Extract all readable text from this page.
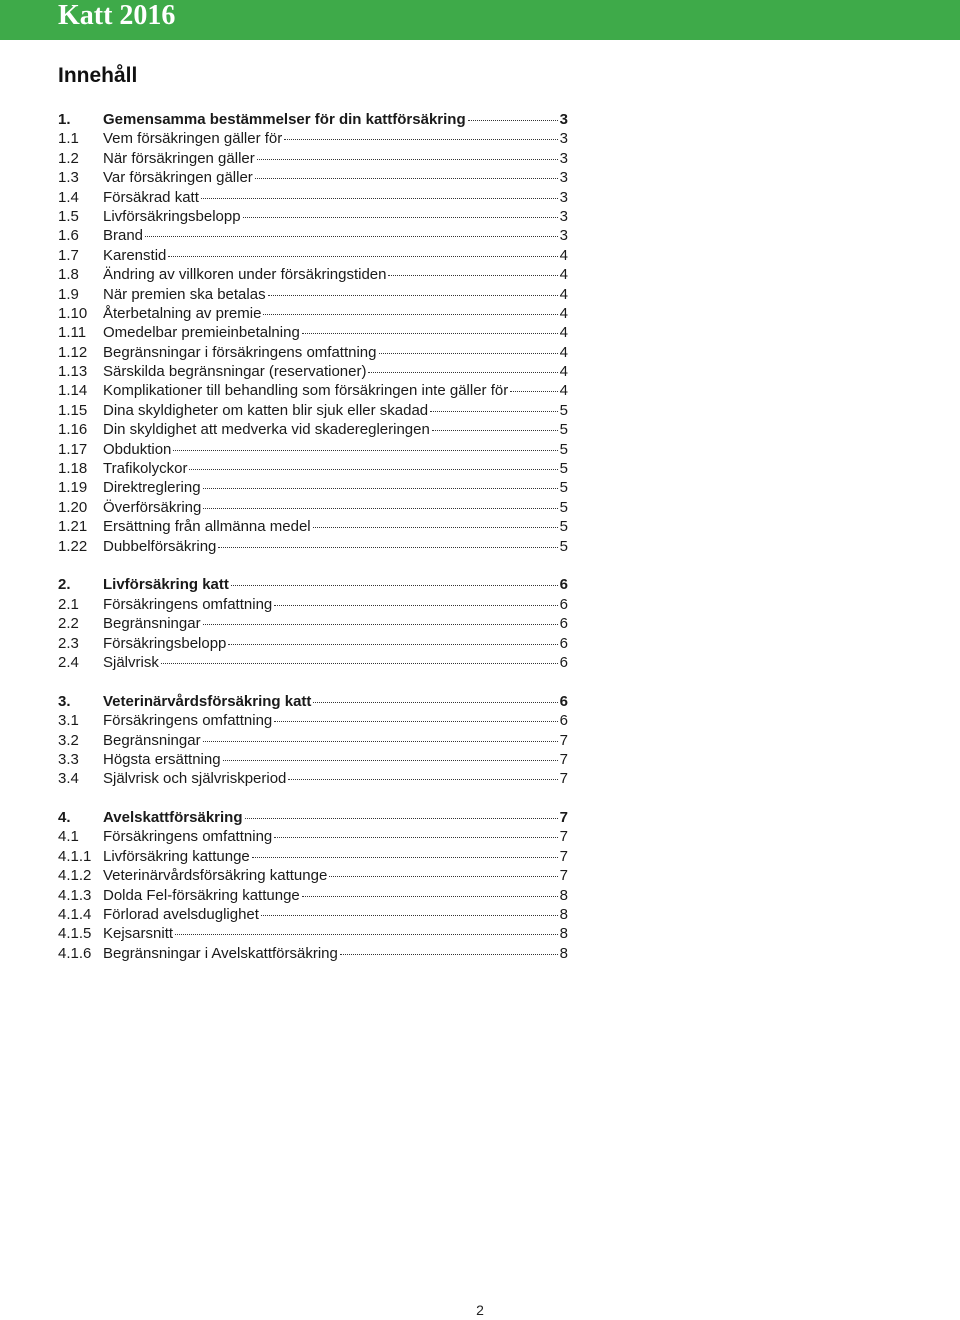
Katt 2016
Innehåll
1.	Gemensamma bestämmelser för din kattförsäkring	3
1.1	Vem försäkringen gäller för	3
1.2	När försäkringen gäller	3
1.3	Var försäkringen gäller	3
1.4	Försäkrad katt	3
1.5	Livförsäkringsbelopp	3
1.6	Brand	3
1.7	Karenstid	4
1.8	Ändring av villkoren under försäkringstiden	4
1.9	När premien ska betalas	4
1.10	Återbetalning av premie	4
1.11	Omedelbar premieinbetalning	4
1.12	Begränsningar i försäkringens omfattning	4
1.13	Särskilda begränsningar (reservationer)	4
1.14	Komplikationer till behandling som försäkringen inte gäller för	4
1.15	Dina skyldigheter om katten blir sjuk eller skadad	5
1.16	Din skyldighet att medverka vid skaderegleringen	5
1.17	Obduktion	5
1.18	Trafikolyckor	5
1.19	Direktreglering	5
1.20	Överförsäkring	5
1.21	Ersättning från allmänna medel	5
1.22	Dubbelförsäkring	5
2.	Livförsäkring katt	6
2.1	Försäkringens omfattning	6
2.2	Begränsningar	6
2.3	Försäkringsbelopp	6
2.4	Självrisk	6
3.	Veterinärvårdsförsäkring katt	6
3.1	Försäkringens omfattning	6
3.2	Begränsningar	7
3.3	Högsta ersättning	7
3.4	Självrisk och självriskperiod	7
4.	Avelskattförsäkring	7
4.1	Försäkringens omfattning	7
4.1.1 Livförsäkring kattunge	7
4.1.2 Veterinärvårdsförsäkring kattunge	7
4.1.3 Dolda Fel-försäkring kattunge	8
4.1.4 Förlorad avelsduglighet	8
4.1.5 Kejsarsnitt	8
4.1.6 Begränsningar i Avelskattförsäkring	8
2
